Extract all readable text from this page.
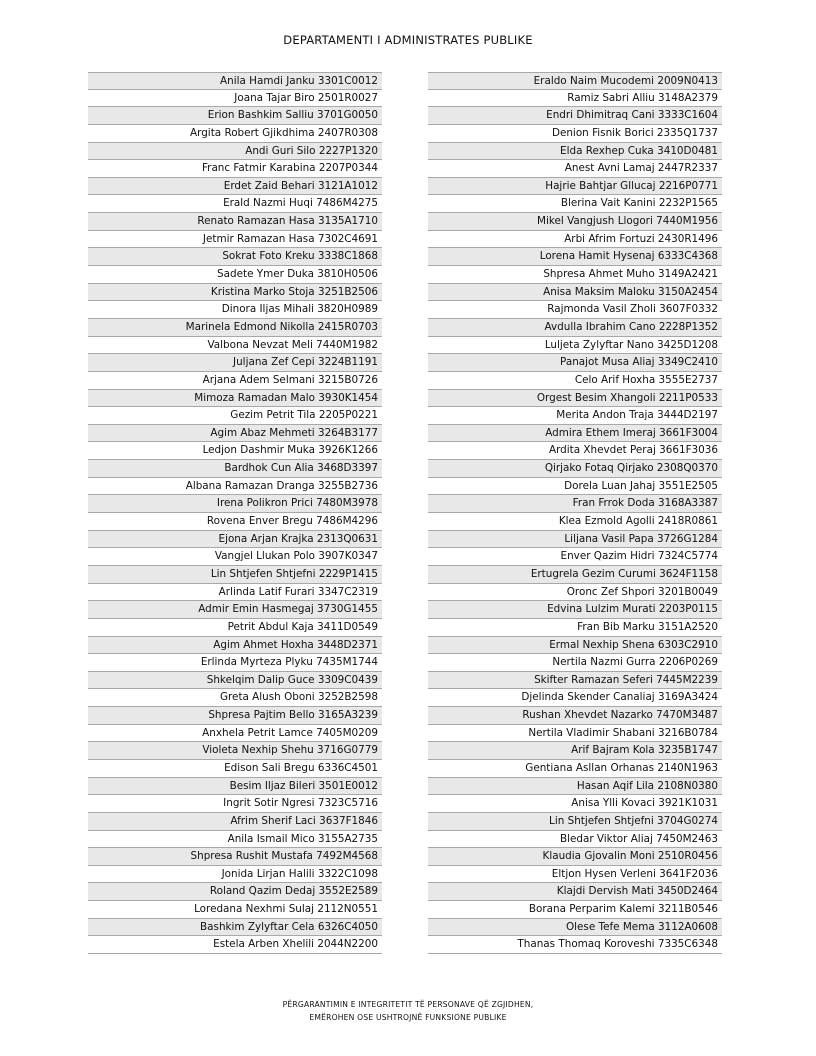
DEPARTAMENTI I ADMINISTRATES PUBLIKE
Anila Hamdi Janku 3301C0012
Joana Tajar Biro 2501R0027
Erion Bashkim Salliu 3701G0050
Argita Robert Gjikdhima 2407R0308
Andi Guri Silo 2227P1320
Franc Fatmir Karabina 2207P0344
Erdet Zaid Behari 3121A1012
Erald Nazmi Huqi 7486M4275
Renato Ramazan Hasa 3135A1710
Jetmir Ramazan Hasa 7302C4691
Sokrat Foto Kreku 3338C1868
Sadete Ymer Duka 3810H0506
Kristina Marko Stoja 3251B2506
Dinora Iljas Mihali 3820H0989
Marinela Edmond Nikolla 2415R0703
Valbona Nevzat Meli 7440M1982
Juljana Zef Cepi 3224B1191
Arjana Adem Selmani 3215B0726
Mimoza Ramadan Malo 3930K1454
Gezim Petrit Tila 2205P0221
Agim Abaz Mehmeti 3264B3177
Ledjon Dashmir Muka 3926K1266
Bardhok Cun Alia 3468D3397
Albana Ramazan Dranga 3255B2736
Irena Polikron Prici 7480M3978
Rovena Enver Bregu 7486M4296
Ejona Arjan Krajka 2313Q0631
Vangjel Llukan Polo 3907K0347
Lin Shtjefen Shtjefni 2229P1415
Arlinda Latif Furari 3347C2319
Admir Emin Hasmegaj 3730G1455
Petrit Abdul Kaja 3411D0549
Agim Ahmet Hoxha 3448D2371
Erlinda Myrteza Plyku 7435M1744
Shkelqim Dalip Guce 3309C0439
Greta Alush Oboni 3252B2598
Shpresa Pajtim Bello 3165A3239
Anxhela Petrit Lamce 7405M0209
Violeta Nexhip Shehu 3716G0779
Edison Sali Bregu 6336C4501
Besim Iljaz Bileri 3501E0012
Ingrit Sotir Ngresi 7323C5716
Afrim Sherif Laci 3637F1846
Anila Ismail Mico 3155A2735
Shpresa Rushit Mustafa 7492M4568
Jonida Lirjan Halili 3322C1098
Roland Qazim Dedaj 3552E2589
Loredana Nexhmi Sulaj 2112N0551
Bashkim Zylyftar Cela 6326C4050
Estela Arben Xhelili 2044N2200
Eraldo Naim Mucodemi 2009N0413
Ramiz Sabri Alliu 3148A2379
Endri Dhimitraq Cani 3333C1604
Denion Fisnik Borici 2335Q1737
Elda Rexhep Cuka 3410D0481
Anest Avni Lamaj 2447R2337
Hajrie Bahtjar Gllucaj 2216P0771
Blerina Vait Kanini 2232P1565
Mikel Vangjush Llogori 7440M1956
Arbi Afrim Fortuzi 2430R1496
Lorena Hamit Hysenaj 6333C4368
Shpresa Ahmet Muho 3149A2421
Anisa Maksim Maloku 3150A2454
Rajmonda Vasil Zholi 3607F0332
Avdulla Ibrahim Cano 2228P1352
Luljeta Zylyftar Nano 3425D1208
Panajot Musa Aliaj 3349C2410
Celo Arif Hoxha 3555E2737
Orgest Besim Xhangoli 2211P0533
Merita Andon Traja 3444D2197
Admira Ethem Imeraj 3661F3004
Ardita Xhevdet Peraj 3661F3036
Qirjako Fotaq Qirjako 2308Q0370
Dorela Luan Jahaj 3551E2505
Fran Frrok Doda 3168A3387
Klea Ezmold Agolli 2418R0861
Liljana Vasil Papa 3726G1284
Enver Qazim Hidri 7324C5774
Ertugrela Gezim Curumi 3624F1158
Oronc Zef Shpori 3201B0049
Edvina Lulzim Murati 2203P0115
Fran Bib Marku 3151A2520
Ermal Nexhip Shena 6303C2910
Nertila Nazmi Gurra 2206P0269
Skifter Ramazan Seferi 7445M2239
Djelinda Skender Canaliaj 3169A3424
Rushan Xhevdet Nazarko 7470M3487
Nertila Vladimir Shabani 3216B0784
Arif Bajram Kola 3235B1747
Gentiana Asllan Orhanas 2140N1963
Hasan Aqif Lila 2108N0380
Anisa Ylli Kovaci 3921K1031
Lin Shtjefen Shtjefni 3704G0274
Bledar Viktor Aliaj 7450M2463
Klaudia Gjovalin Moni 2510R0456
Eltjon Hysen Verleni 3641F2036
Klajdi Dervish Mati 3450D2464
Borana Perparim Kalemi 3211B0546
Olese Tefe Mema 3112A0608
Thanas Thomaq Koroveshi 7335C6348
PËRGARANTIMIN E INTEGRITETIT TË PERSONAVE QË ZGJIDHEN,
EMËROHEN OSE USHTROJNË FUNKSIONE PUBLIKE
